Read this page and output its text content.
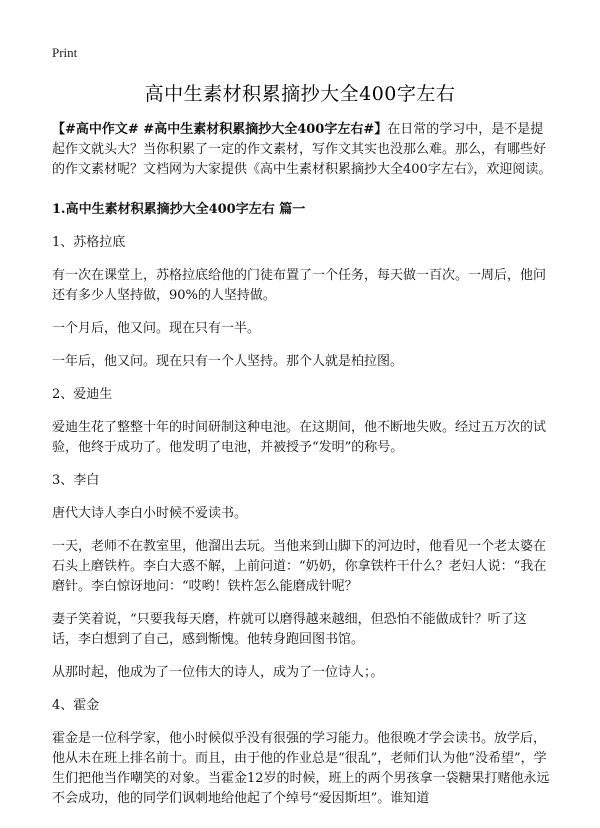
Print
高中生素材积累摘抄大全400字左右

【#高中作文# #高中生素材积累摘抄大全400字左右#】在日常的学习中，是不是提起作文就头大？当你积累了一定的作文素材，写作文其实也没那么难。那么，有哪些好的作文素材呢？文档网为大家提供《高中生素材积累摘抄大全400字左右》，欢迎阅读。

1.高中生素材积累摘抄大全400字左右 篇一

1、苏格拉底

有一次在课堂上，苏格拉底给他的门徒布置了一个任务，每天做一百次。一周后，他问还有多少人坚持做，90%的人坚持做。

一个月后，他又问。现在只有一半。

一年后，他又问。现在只有一个人坚持。那个人就是柏拉图。

2、爱迪生

爱迪生花了整整十年的时间研制这种电池。在这期间，他不断地失败。经过五万次的试验，他终于成功了。他发明了电池，并被授予“发明”的称号。

3、李白

唐代大诗人李白小时候不爱读书。

一天，老师不在教室里，他溜出去玩。当他来到山脚下的河边时，他看见一个老太婆在石头上磨铁杵。李白大惑不解，上前问道：“奶奶，你拿铁杵干什么？老妇人说：“我在磨针。李白惊讶地问：“哎哟！铁杵怎么能磨成针呢？

妻子笑着说，“只要我每天磨，杵就可以磨得越来越细，但恐怕不能做成针？听了这话，李白想到了自己，感到惭愧。他转身跑回图书馆。

从那时起，他成为了一位伟大的诗人，成为了一位诗人；。

4、霍金

霍金是一位科学家，他小时候似乎没有很强的学习能力。他很晚才学会读书。放学后，他从未在班上排名前十。而且，由于他的作业总是“很乱”，老师们认为他“没希望”，学生们把他当作嘲笑的对象。当霍金12岁的时候，班上的两个男孩拿一袋糖果打赌他永远不会成功，他的同学们讽刺地给他起了个绰号“爱因斯坦”。谁知道
